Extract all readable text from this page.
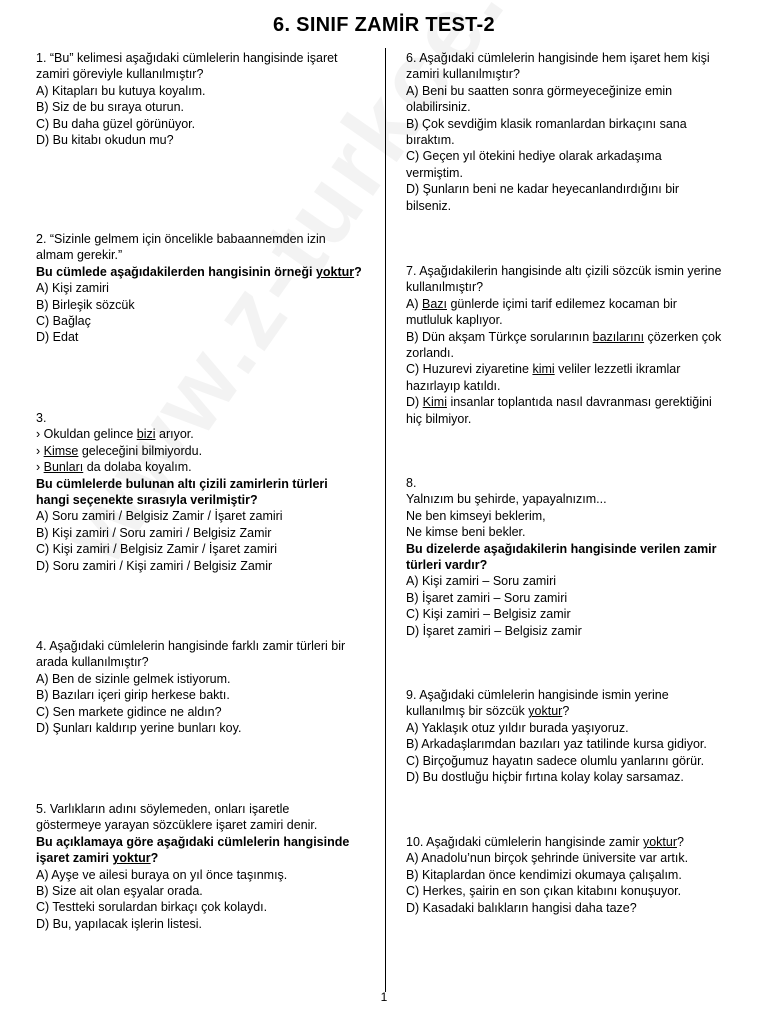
6. SINIF ZAMİR TEST-2
1. “Bu” kelimesi aşağıdaki cümlelerin hangisinde işaret
zamiri göreviyle kullanılmıştır?
A) Kitapları bu kutuya koyalım.
B) Siz de bu sıraya oturun.
C) Bu daha güzel görünüyor.
D) Bu kitabı okudun mu?
2. “Sizinle gelmem için öncelikle babaannemden izin
almam gerekir.”
Bu cümlede aşağıdakilerden hangisinin örneği yoktur?
A) Kişi zamiri
B) Birleşik sözcük
C) Bağlaç
D) Edat
3.
› Okuldan gelince bizi arıyor.
› Kimse geleceğini bilmiyordu.
› Bunları da dolaba koyalım.
Bu cümlelerde bulunan altı çizili zamirlerin türleri
hangi seçenekte sırasıyla verilmiştir?
A) Soru zamiri / Belgisiz Zamir / İşaret zamiri
B) Kişi zamiri / Soru zamiri / Belgisiz Zamir
C) Kişi zamiri / Belgisiz Zamir / İşaret zamiri
D) Soru zamiri / Kişi zamiri / Belgisiz Zamir
4. Aşağıdaki cümlelerin hangisinde farklı zamir türleri bir
arada kullanılmıştır?
A) Ben de sizinle gelmek istiyorum.
B) Bazıları içeri girip herkese baktı.
C) Sen markete gidince ne aldın?
D) Şunları kaldırıp yerine bunları koy.
5. Varlıkların adını söylemeden, onları işaretle
göstermeye yarayan sözcüklere işaret zamiri denir.
Bu açıklamaya göre aşağıdaki cümlelerin hangisinde
işaret zamiri yoktur?
A) Ayşe ve ailesi buraya on yıl önce taşınmış.
B) Size ait olan eşyalar orada.
C) Testteki sorulardan birkaçı çok kolaydı.
D) Bu, yapılacak işlerin listesi.
6. Aşağıdaki cümlelerin hangisinde hem işaret hem kişi
zamiri kullanılmıştır?
A) Beni bu saatten sonra görmeyeceğinize emin
olabilirsiniz.
B) Çok sevdiğim klasik romanlardan birkaçını sana
bıraktım.
C) Geçen yıl ötekini hediye olarak arkadaşıma
vermiştim.
D) Şunların beni ne kadar heyecanlandırdığını bir
bilseniz.
7. Aşağıdakilerin hangisinde altı çizili sözcük ismin yerine
kullanılmıştır?
A) Bazı günlerde içimi tarif edilemez kocaman bir
mutluluk kaplıyor.
B) Dün akşam Türkçe sorularının bazılarını çözerken çok
zorlandı.
C) Huzurevi ziyaretine kimi veliler lezzetli ikramlar
hazırlayıp katıldı.
D) Kimi insanlar toplantıda nasıl davranması gerektiğini
hiç bilmiyor.
8.
Yalnızım bu şehirde, yapayalnızım...
Ne ben kimseyi beklerim,
Ne kimse beni bekler.
Bu dizelerde aşağıdakilerin hangisinde verilen zamir
türleri vardır?
A) Kişi zamiri – Soru zamiri
B) İşaret zamiri – Soru zamiri
C) Kişi zamiri – Belgisiz zamir
D) İşaret zamiri – Belgisiz zamir
9. Aşağıdaki cümlelerin hangisinde ismin yerine
kullanılmış bir sözcük yoktur?
A) Yaklaşık otuz yıldır burada yaşıyoruz.
B) Arkadaşlarımdan bazıları yaz tatilinde kursa gidiyor.
C) Birçoğumuz hayatın sadece olumlu yanlarını görür.
D) Bu dostluğu hiçbir fırtına kolay kolay sarsamaz.
10. Aşağıdaki cümlelerin hangisinde zamir yoktur?
A) Anadolu’nun birçok şehrinde üniversite var artık.
B) Kitaplardan önce kendimizi okumaya çalışalım.
C) Herkes, şairin en son çıkan kitabını konuşuyor.
D) Kasadaki balıkların hangisi daha taze?
1
